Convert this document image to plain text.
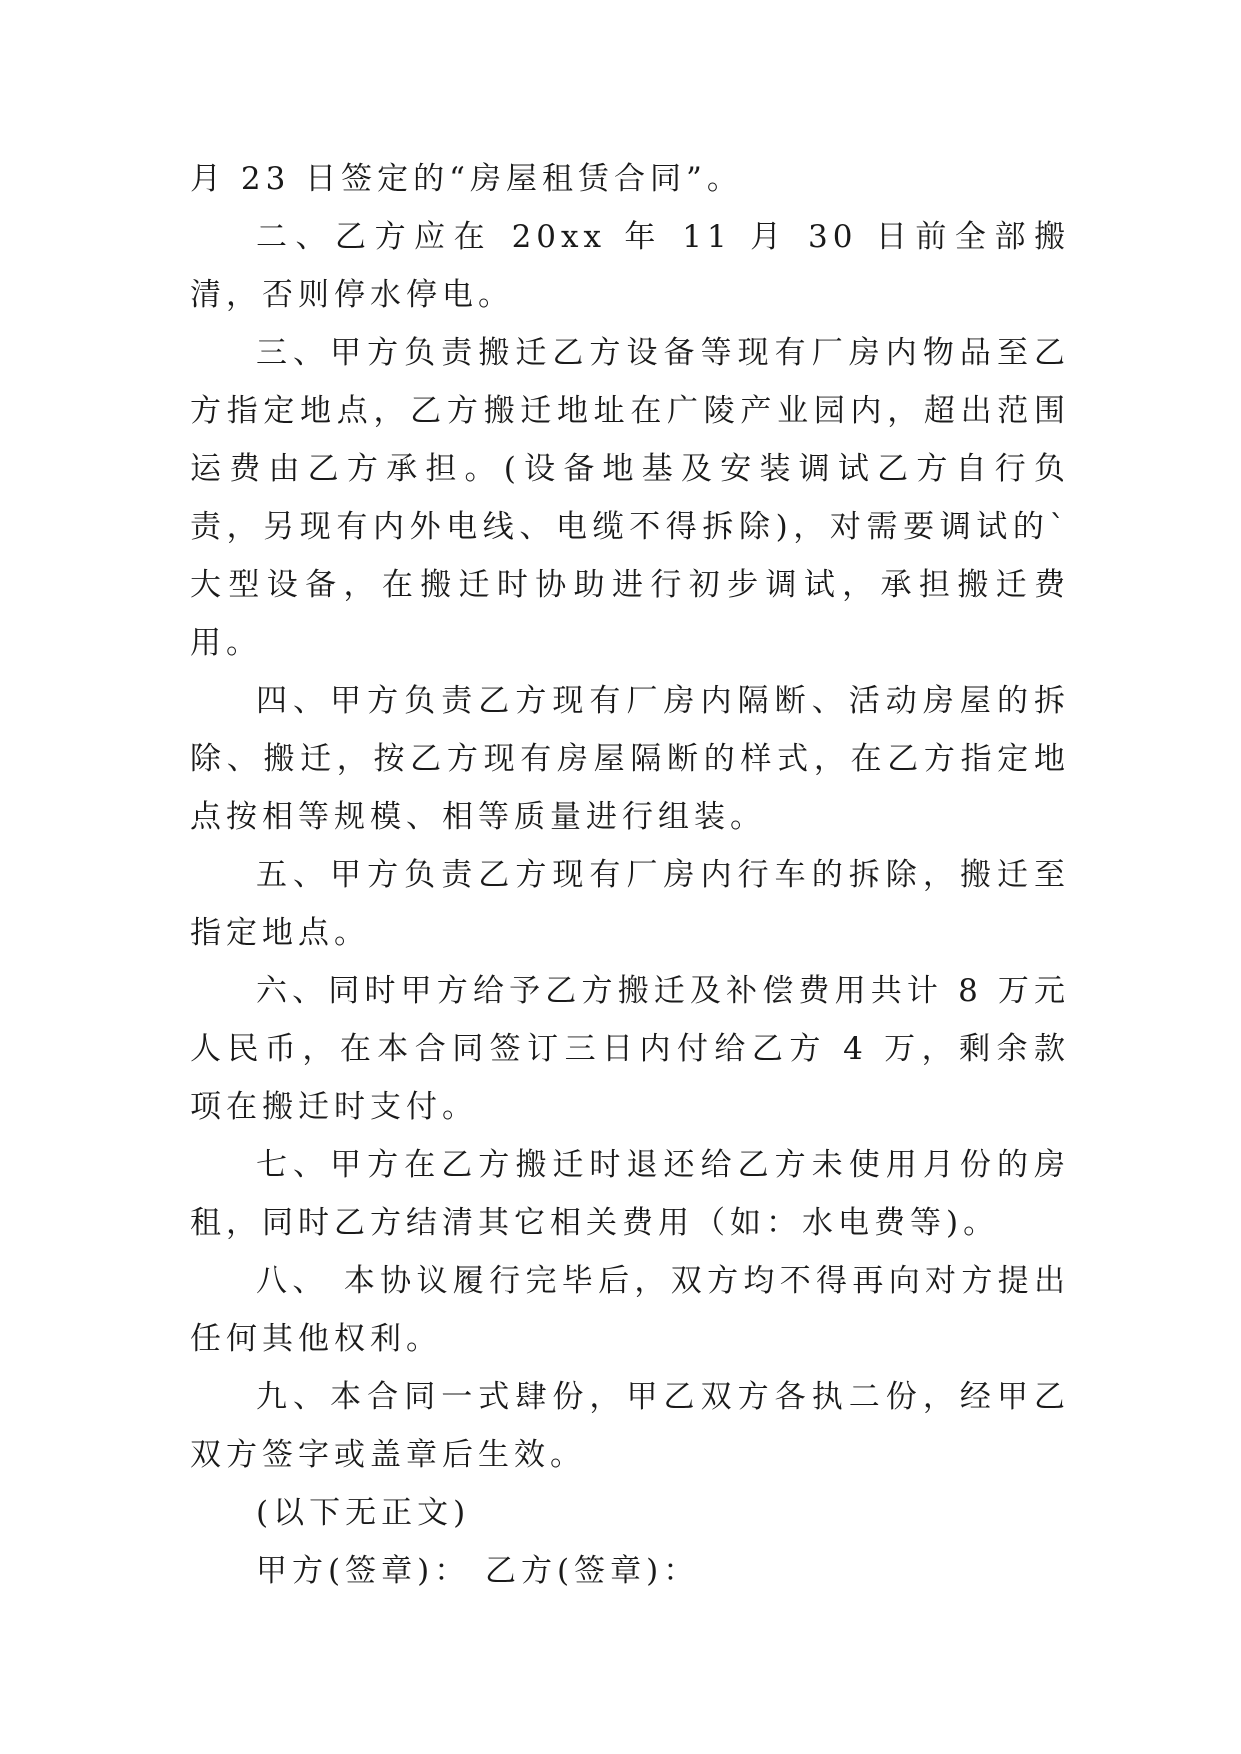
月 23 日签定的“房屋租赁合同”。

二、乙方应在 20xx 年 11 月 30 日前全部搬清，否则停水停电。

三、甲方负责搬迁乙方设备等现有厂房内物品至乙方指定地点，乙方搬迁地址在广陵产业园内，超出范围运费由乙方承担。(设备地基及安装调试乙方自行负责，另现有内外电线、电缆不得拆除)，对需要调试的`大型设备，在搬迁时协助进行初步调试，承担搬迁费用。

四、甲方负责乙方现有厂房内隔断、活动房屋的拆除、搬迁，按乙方现有房屋隔断的样式，在乙方指定地点按相等规模、相等质量进行组装。

五、甲方负责乙方现有厂房内行车的拆除，搬迁至指定地点。

六、同时甲方给予乙方搬迁及补偿费用共计 8 万元人民币，在本合同签订三日内付给乙方 4 万，剩余款项在搬迁时支付。

七、甲方在乙方搬迁时退还给乙方未使用月份的房租，同时乙方结清其它相关费用（如：水电费等)。

八、 本协议履行完毕后，双方均不得再向对方提出任何其他权利。

九、本合同一式肆份，甲乙双方各执二份，经甲乙双方签字或盖章后生效。

(以下无正文)

甲方(签章)： 乙方(签章)：
